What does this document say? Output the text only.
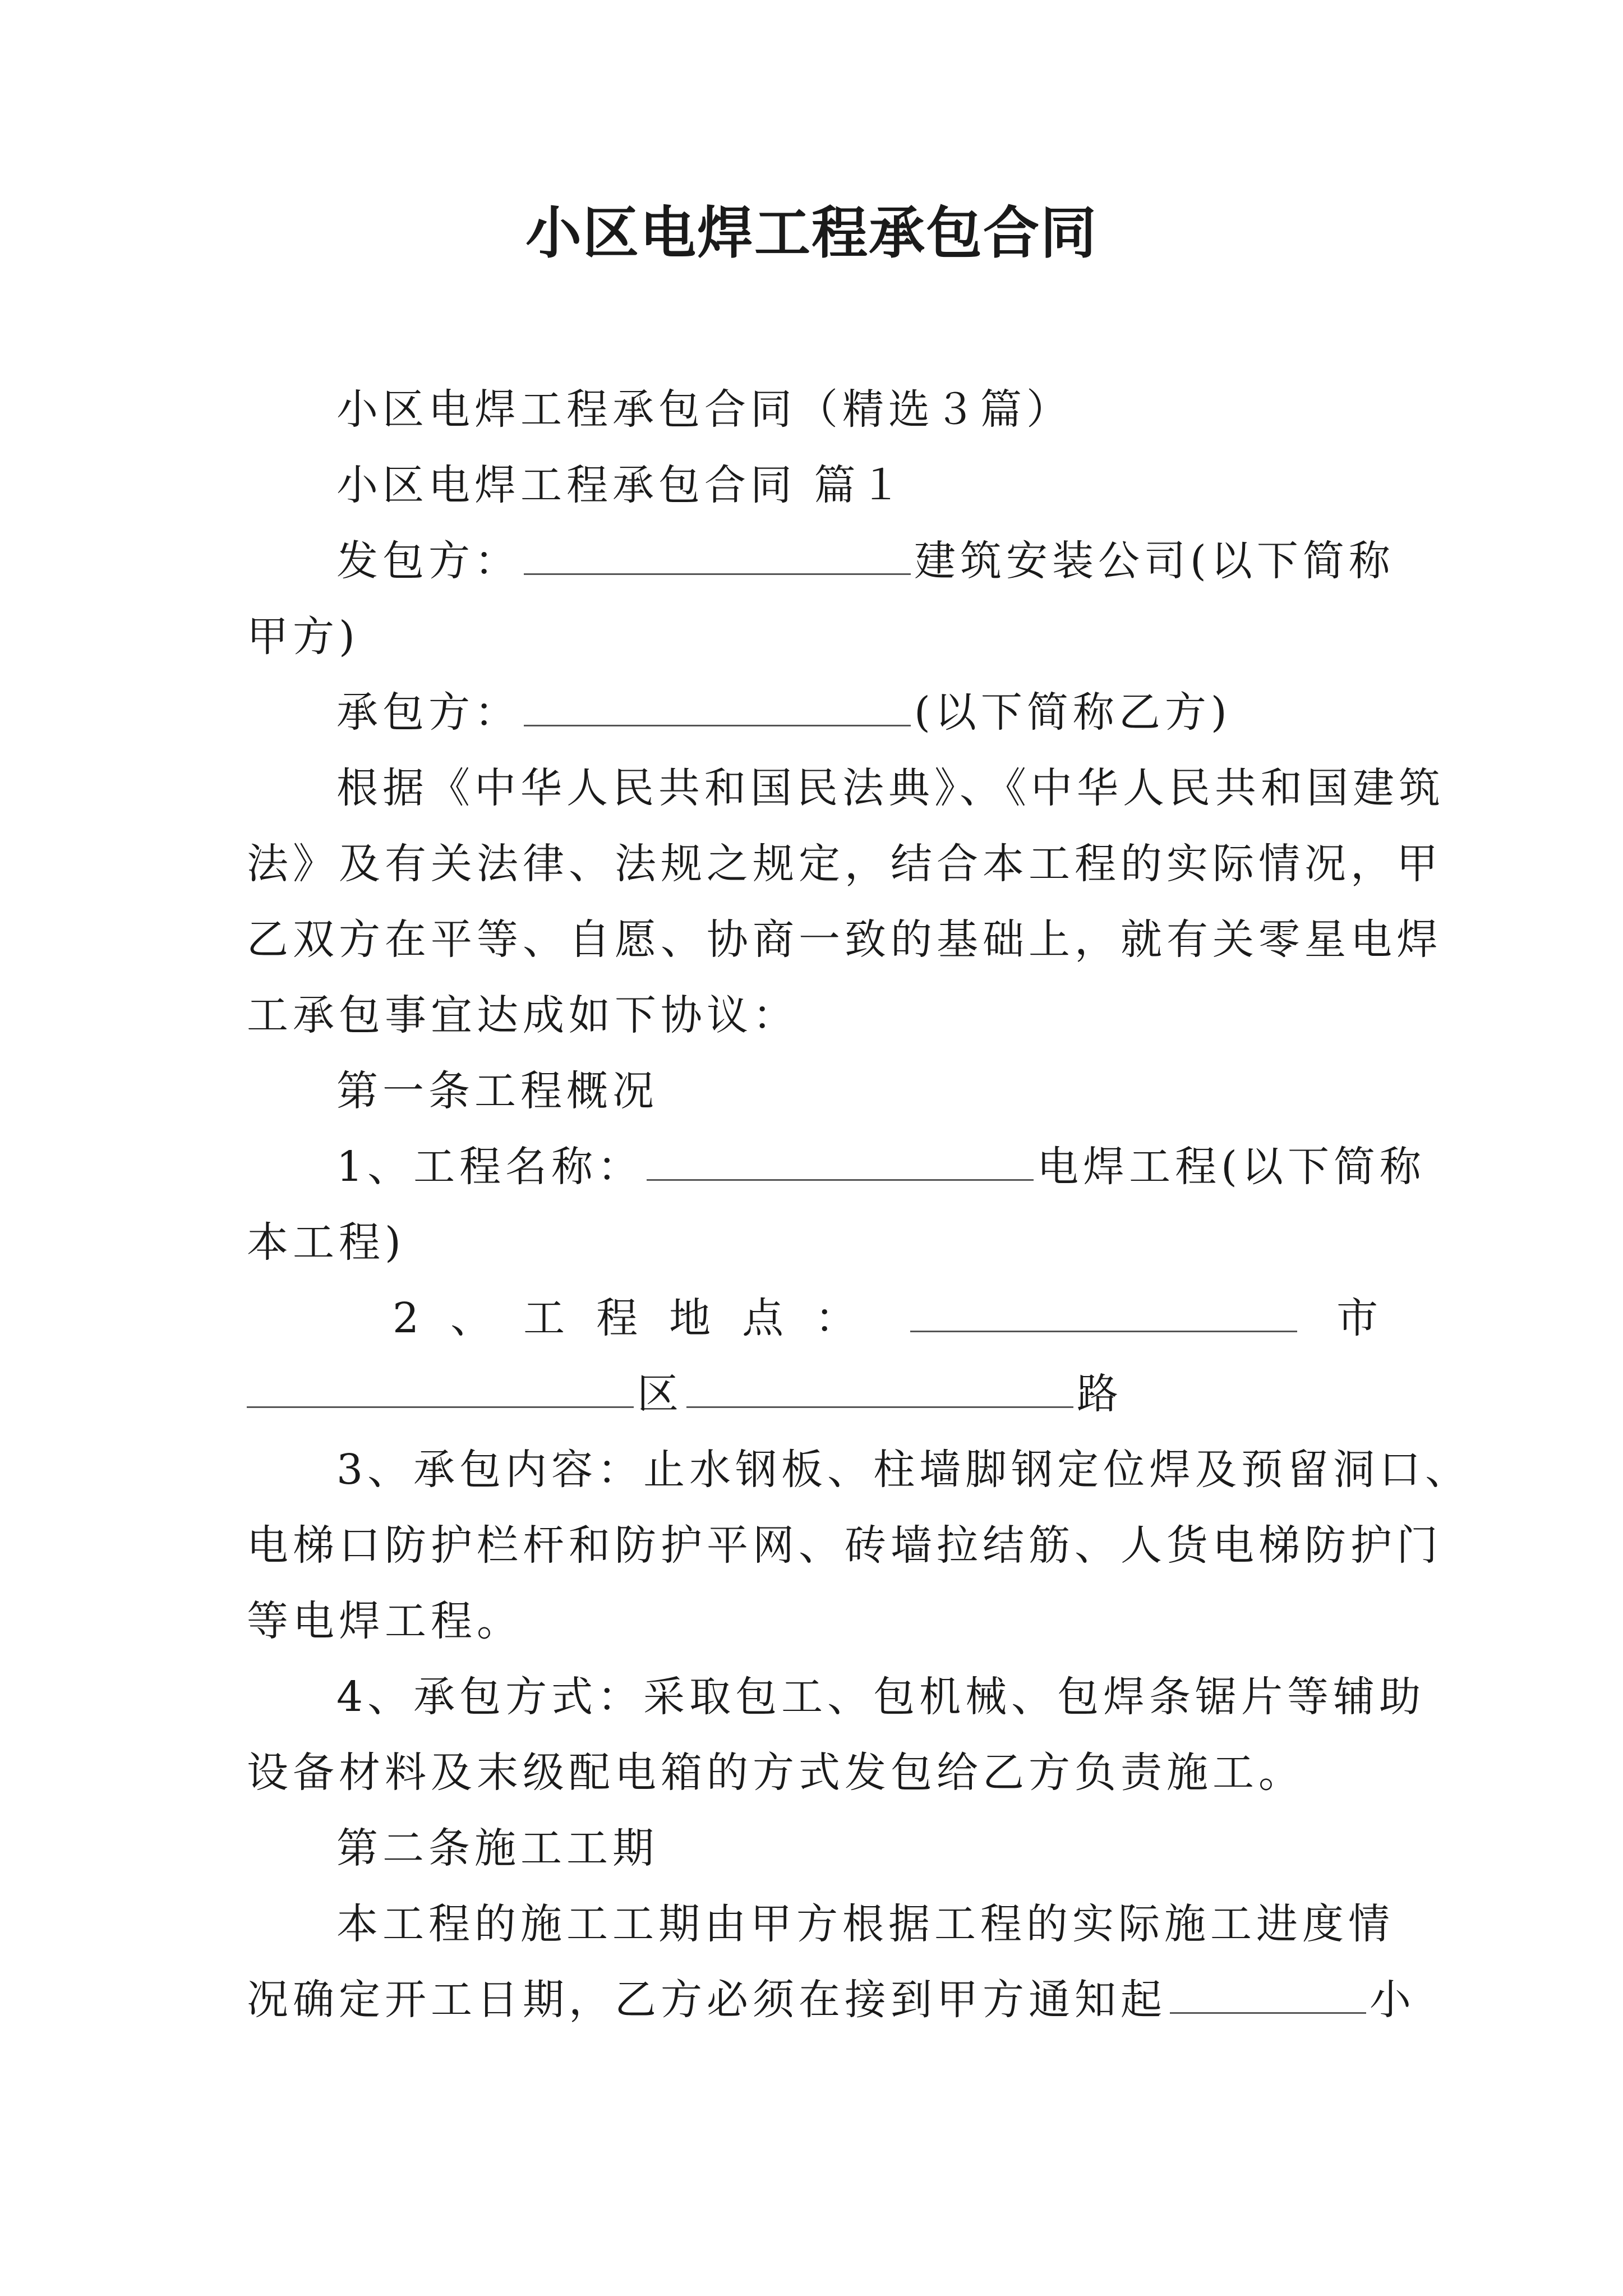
小区电焊工程承包合同
小区电焊工程承包合同（精选３篇）
小区电焊工程承包合同 篇１
发包方：	建筑安装公司(以下简称
甲方)
承包方：	(以下简称乙方)
根据《中华人民共和国民法典》、《中华人民共和国建筑
法》及有关法律、法规之规定，结合本工程的实际情况，甲
乙双方在平等、自愿、协商一致的基础上，就有关零星电焊
工承包事宜达成如下协议：
第一条工程概况
1、工程名称：	电焊工程(以下简称
本工程)
2、工程地点：	市
区	路
3、承包内容：止水钢板、柱墙脚钢定位焊及预留洞口、
电梯口防护栏杆和防护平网、砖墙拉结筋、人货电梯防护门
等电焊工程。
4、承包方式：采取包工、包机械、包焊条锯片等辅助
设备材料及末级配电箱的方式发包给乙方负责施工。
第二条施工工期
本工程的施工工期由甲方根据工程的实际施工进度情
况确定开工日期，乙方必须在接到甲方通知起	小
